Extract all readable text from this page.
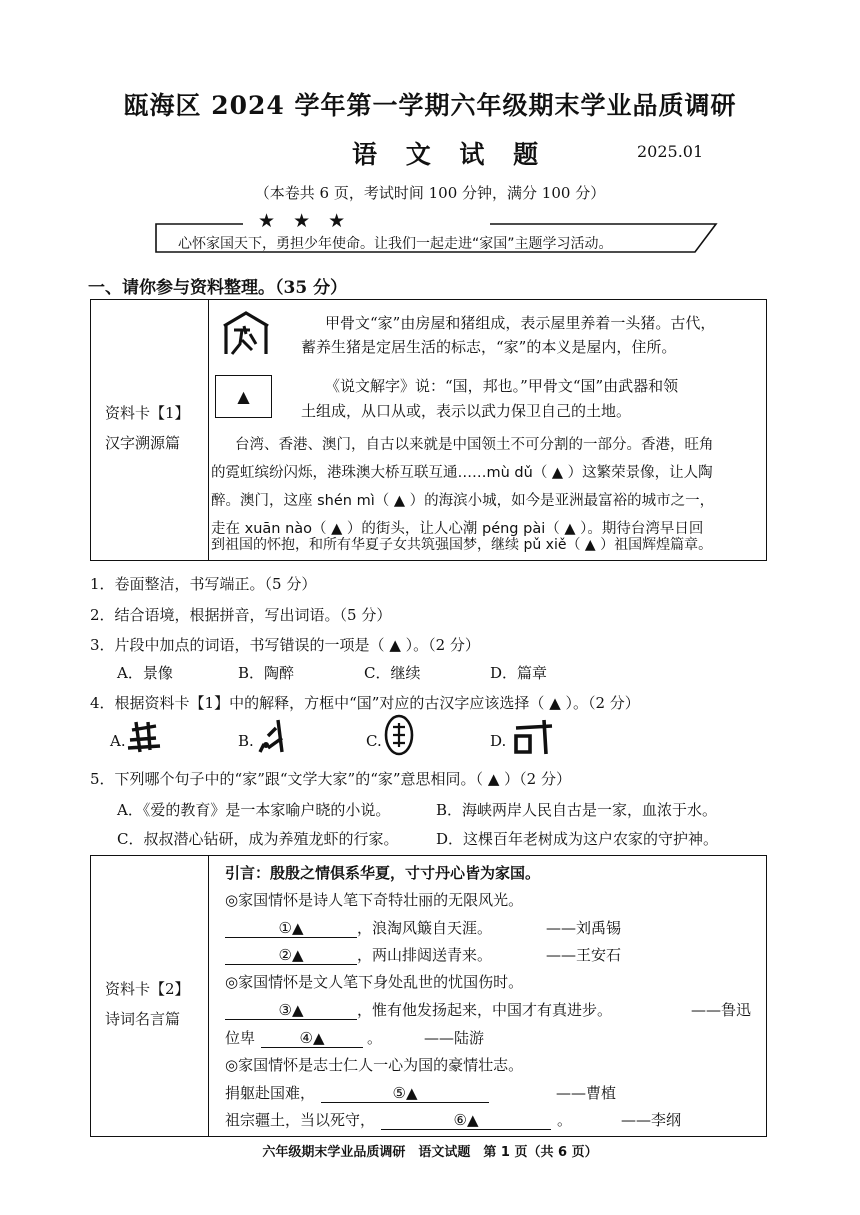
瓯海区 2024 学年第一学期六年级期末学业品质调研
语 文 试 题	2025.01
（本卷共 6 页，考试时间 100 分钟，满分 100 分）
★ ★ ★
心怀家国天下，勇担少年使命。让我们一起走进“家国”主题学习活动。
一、请你参与资料整理。（35 分）
资料卡【1】
汉字溯源篇
甲骨文“家”由房屋和猪组成，表示屋里养着一头猪。古代，
蓄养生猪是定居生活的标志，“家”的本义是屋内，住所。
▲
《说文解字》说：“国，邦也。”甲骨文“国”由武器和领
土组成，从口从或，表示以武力保卫自己的土地。
台湾、香港、澳门，自古以来就是中国领土不可分割的一部分。香港，旺角
的霓虹缤纷闪烁，港珠澳大桥互联互通……mù dǔ（ ▲ ）这繁荣景像，让人陶
醉。澳门，这座 shén mì（ ▲ ）的海滨小城，如今是亚洲最富裕的城市之一，
走在 xuān nào（ ▲ ）的街头，让人心潮 péng pài（ ▲ ）。期待台湾早日回
到祖国的怀抱，和所有华夏子女共筑强国梦，继续 pǔ xiě（ ▲ ）祖国辉煌篇章。
1．卷面整洁，书写端正。（5 分）
2．结合语境，根据拼音，写出词语。（5 分）
3．片段中加点的词语，书写错误的一项是（ ▲ ）。（2 分）
A．景像	B．陶醉	C．继续	D．篇章
4．根据资料卡【1】中的解释，方框中“国”对应的古汉字应该选择（ ▲ ）。（2 分）
A.	B.	C.	D.
5．下列哪个句子中的“家”跟“文学大家”的“家”意思相同。（ ▲ ）（2 分）
A．《爱的教育》是一本家喻户晓的小说。	B．海峡两岸人民自古是一家，血浓于水。
C．叔叔潜心钻研，成为养殖龙虾的行家。	D．这棵百年老树成为这户农家的守护神。
资料卡【2】
诗词名言篇
引言：殷殷之情俱系华夏，寸寸丹心皆为家国。
◎家国情怀是诗人笔下奇特壮丽的无限风光。
①▲	，浪淘风簸自天涯。	——刘禹锡
②▲	，两山排闼送青来。	——王安石
◎家国情怀是文人笔下身处乱世的忧国伤时。
③▲	，惟有他发扬起来，中国才有真进步。	——鲁迅
位卑	④▲	。	——陆游
◎家国情怀是志士仁人一心为国的豪情壮志。
捐躯赴国难，	⑤▲	——曹植
祖宗疆土，当以死守，	⑥▲	。	——李纲
六年级期末学业品质调研　语文试题　第 1 页（共 6 页）
